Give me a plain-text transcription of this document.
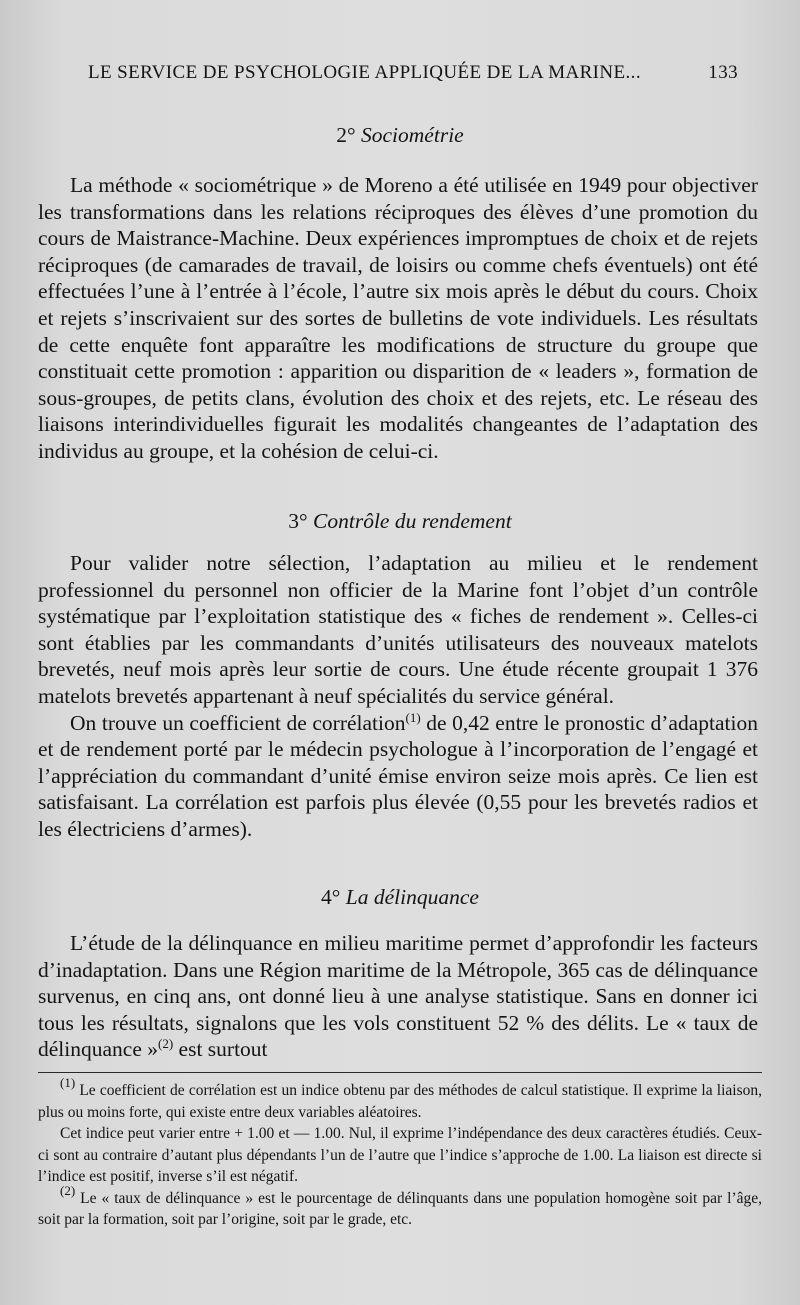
LE SERVICE DE PSYCHOLOGIE APPLIQUÉE DE LA MARINE...	133
2° Sociométrie

La méthode « sociométrique » de Moreno a été utilisée en 1949 pour objectiver les transformations dans les relations réciproques des élèves d’une promotion du cours de Maistrance-Machine. Deux expériences impromptues de choix et de rejets réciproques (de camarades de travail, de loisirs ou comme chefs éventuels) ont été effectuées l’une à l’entrée à l’école, l’autre six mois après le début du cours. Choix et rejets s’inscrivaient sur des sortes de bulletins de vote individuels. Les résultats de cette enquête font apparaître les modifications de structure du groupe que constituait cette promotion : apparition ou disparition de « leaders », formation de sous-groupes, de petits clans, évolution des choix et des rejets, etc. Le réseau des liaisons interindividuelles figurait les modalités changeantes de l’adaptation des individus au groupe, et la cohésion de celui-ci.

3° Contrôle du rendement

Pour valider notre sélection, l’adaptation au milieu et le rendement professionnel du personnel non officier de la Marine font l’objet d’un contrôle systématique par l’exploitation statistique des « fiches de rendement ». Celles-ci sont établies par les commandants d’unités utilisateurs des nouveaux matelots brevetés, neuf mois après leur sortie de cours. Une étude récente groupait 1 376 matelots brevetés appartenant à neuf spécialités du service général.

On trouve un coefficient de corrélation$^{(1)}$ de 0,42 entre le pronostic d’adaptation et de rendement porté par le médecin psychologue à l’incorporation de l’engagé et l’appréciation du commandant d’unité émise environ seize mois après. Ce lien est satisfaisant. La corrélation est parfois plus élevée (0,55 pour les brevetés radios et les électriciens d’armes).

4° La délinquance

L’étude de la délinquance en milieu maritime permet d’approfondir les facteurs d’inadaptation. Dans une Région maritime de la Métropole, 365 cas de délinquance survenus, en cinq ans, ont donné lieu à une analyse statistique. Sans en donner ici tous les résultats, signalons que les vols constituent 52 % des délits. Le « taux de délinquance »$^{(2)}$ est surtout

$^{(1)}$ Le coefficient de corrélation est un indice obtenu par des méthodes de calcul statistique. Il exprime la liaison, plus ou moins forte, qui existe entre deux variables aléatoires.

Cet indice peut varier entre + 1.00 et — 1.00. Nul, il exprime l’indépendance des deux caractères étudiés. Ceux-ci sont au contraire d’autant plus dépendants l’un de l’autre que l’indice s’approche de 1.00. La liaison est directe si l’indice est positif, inverse s’il est négatif.

$^{(2)}$ Le « taux de délinquance » est le pourcentage de délinquants dans une population homogène soit par l’âge, soit par la formation, soit par l’origine, soit par le grade, etc.
